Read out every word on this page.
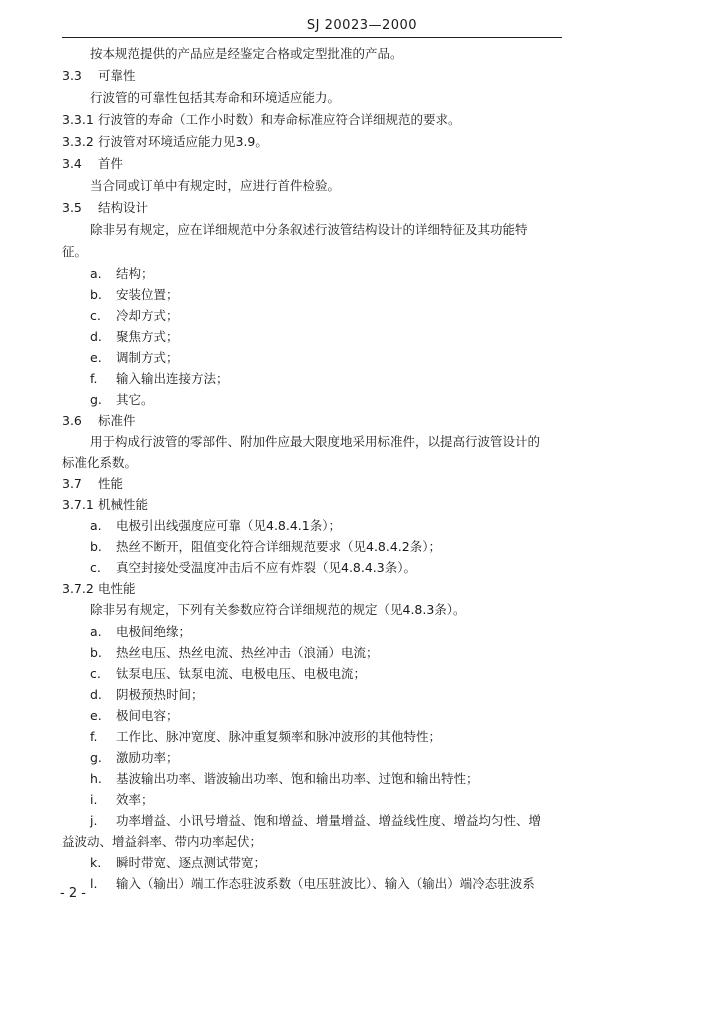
SJ 20023—2000
按本规范提供的产品应是经鉴定合格或定型批准的产品。
3.3 可靠性
行波管的可靠性包括其寿命和环境适应能力。
3.3.1 行波管的寿命（工作小时数）和寿命标准应符合详细规范的要求。
3.3.2 行波管对环境适应能力见3.9。
3.4 首件
当合同或订单中有规定时，应进行首件检验。
3.5 结构设计
除非另有规定，应在详细规范中分条叙述行波管结构设计的详细特征及其功能特
征。
a. 结构；
b. 安装位置；
c. 冷却方式；
d. 聚焦方式；
e. 调制方式；
f. 输入输出连接方法；
g. 其它。
3.6 标准件
用于构成行波管的零部件、附加件应最大限度地采用标准件，以提高行波管设计的
标准化系数。
3.7 性能
3.7.1 机械性能
a. 电极引出线强度应可靠（见4.8.4.1条）；
b. 热丝不断开，阻值变化符合详细规范要求（见4.8.4.2条）；
c. 真空封接处受温度冲击后不应有炸裂（见4.8.4.3条）。
3.7.2 电性能
除非另有规定，下列有关参数应符合详细规范的规定（见4.8.3条）。
a. 电极间绝缘；
b. 热丝电压、热丝电流、热丝冲击（浪涌）电流；
c. 钛泵电压、钛泵电流、电极电压、电极电流；
d. 阴极预热时间；
e. 极间电容；
f. 工作比、脉冲宽度、脉冲重复频率和脉冲波形的其他特性；
g. 激励功率；
h. 基波输出功率、谐波输出功率、饱和输出功率、过饱和输出特性；
i. 效率；
j. 功率增益、小讯号增益、饱和增益、增量增益、增益线性度、增益均匀性、增
益波动、增益斜率、带内功率起伏；
k. 瞬时带宽、逐点测试带宽；
l. 输入（输出）端工作态驻波系数（电压驻波比）、输入（输出）端冷态驻波系
- 2 -
